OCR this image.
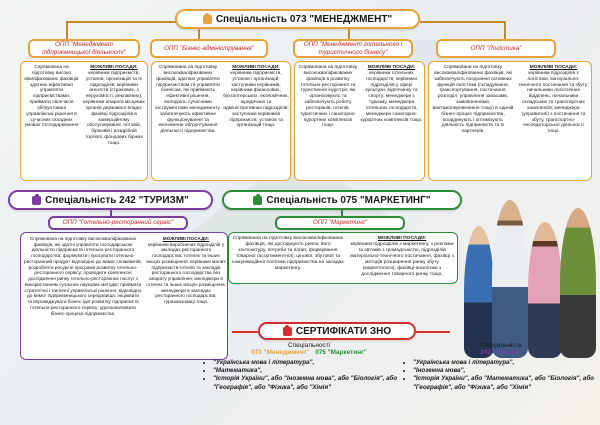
Спеціальність 073 "МЕНЕДЖМЕНТ"
ОПП "Менеджмент підприємницької діяльності"
ОПП "Бізнес-адміністрування"
ОПП "Менеджмент готельного і туристичного бізнесу"
ОПП "Логістика"
Спрямована на підготовку високо кваліфікованих фахівців здатних ефективно управляти підприємствами, приймати своєчасні обґрунтовані управлінські рішення в сучасних складних умовах господарювання
МОЖЛИВІ ПОСАДИ:
керівники підприємств, установ, організацій та їх підрозділів; керівники агентств (страхових, з нерухомості, рекламних); керівники апарата місцевих органів державної влади; фахівці підрозділів в комерційному обслуговуванні, оптовій, біржовій і роздрібній торгівлі, фондових біржах тощо.
Спрямована на підготовку висококваліфікованих фахівців, здатних управляти підприємством та управляти бізнесом, які приймають ефективні рішення, володіють сучасними інструментами менеджменту, забезпечують ефективне функціонування та економічне обґрунтування діяльності підприємства.
МОЖЛИВІ ПОСАДИ:
керівники підприємств, установ і організацій; заступники керівників; керівники фінансових, бухгалтерських, економічних, юридичних та адміністративних підрозділів; заступники керівників підприємств, установ та організацій тощо.
Спрямована на підготовку висококваліфікованих фахівців в розвитку готельно-ресторанної та туристичної індустрії, які організовують та забезпечують роботу ресторанів, готелів, туристичних і санаторно-курортних комплексів тощо.
МОЖЛИВІ ПОСАДИ:
керівники готельних господарств; керівники підрозділів у сфері культури, відпочинку та спорту; менеджери з туризму, менеджери готельних господарств, менеджери санаторно-курортних комплексів тощо.
Спрямована на підготовку висококваліфікованих фахівців, які забезпечують поєднання основних функцій логістики (складування, транспортування, постачання, розподіл, управління запасами, замовленнями, вантажоперевезення тощо) в єдиній бізнес-процес підприємства, координують і оптимізують діяльність підприємств та їх партнерів.
МОЖЛИВІ ПОСАДИ:
керівники підрозділів з логістики, матеріально-технічного постачання та збуту; начальники логістичних відділень; начальники складських та транспортних комплексів; менеджери (управителі) з постачання та збуту, транспортно-експедиторської діяльності тощо.
Спеціальність 242 "ТУРИЗМ"
ОПП "Готельно-ресторанний сервіс"
Спрямована на підготовку висококваліфікованих фахівців, які здатні управляти господарською діяльністю підприємств готельно-ресторанного господарства; формувати і просувати готельно-ресторанний продукт відповідно до вимог споживачів; розробляти ресурсні програми розвитку готельно-ресторанного сервісу; проводити комплексні дослідження ринку готельно-ресторанних послуг з використанням сучасних наукових методів; приймати стратегічні і тактичні управлінські рішення, відповідно до вимог підприємницького середовища; ініціювати та впроваджувати бізнес-ідеї розвитку підприємств готельно-ресторанного сервісу; удосконалювати бізнес-процеси підприємства.
МОЖЛИВІ ПОСАДИ:
керівники виробничих підрозділів у закладах ресторанного господарства, готелях та інших місцях розміщення; керівники малих підприємств-готелів та закладів ресторанного господарства без апарату управління; менеджери в готелях та інших місцях розміщення; менеджери в закладах ресторанного господарства; туризмознавці тощо.
Спеціальність 075 "МАРКЕТИНГ"
ОПП "Маркетинг"
Спрямована на підготовку висококваліфікованих фахівців, які досліджують ринок, його кон'юнктуру, потреби та попит, формування товарної (асортиментної), цінової, збутової та комунікаційної політики підприємства на засадах маркетингу.
МОЖЛИВІ ПОСАДИ:
керівники підрозділів з маркетингу, з реклами та зв'язків з громадськістю, підрозділів матеріально-технічного постачання, фахівці з методів розширення ринку збуту (маркетологи), фахівці-аналітики з дослідження товарного ринку тощо.
СЕРТИФІКАТИ ЗНО
Спеціальності
073 "Менеджмент" 075 "Маркетинг"
• "Українська мова і література",
• "Математика",
• "Історія України", або "Іноземна мова", або "Біологія", або "Географія", або "Фізика", або "Хімія"
Спеціальність
242 "Туризм"
• "Українська мова і література",
• "Іноземна мова",
• "Історія України", або "Математика", або "Біологія", або "Географія", або "Фізика", або "Хімія"
